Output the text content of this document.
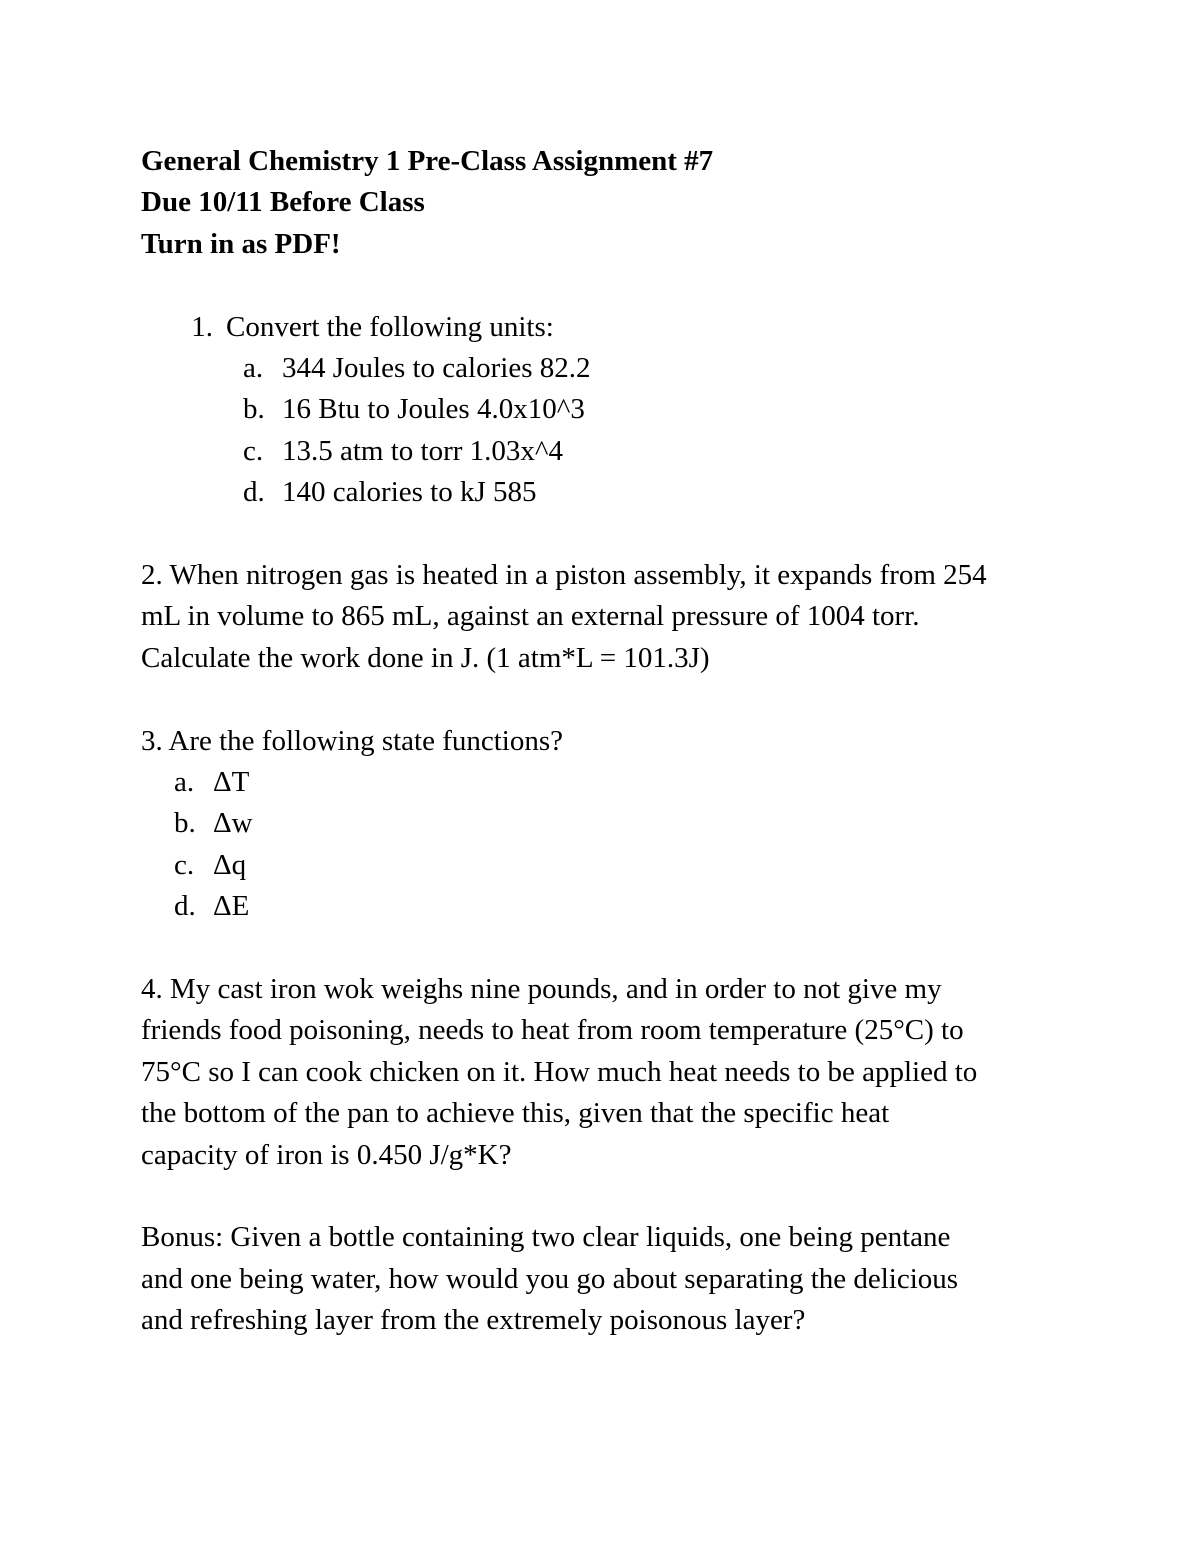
General Chemistry 1 Pre-Class Assignment #7
Due 10/11 Before Class
Turn in as PDF!
1. Convert the following units:
a. 344 Joules to calories 82.2
b. 16 Btu to Joules 4.0x10^3
c. 13.5 atm to torr 1.03x^4
d. 140 calories to kJ 585
2. When nitrogen gas is heated in a piston assembly, it expands from 254
mL in volume to 865 mL, against an external pressure of 1004 torr.
Calculate the work done in J. (1 atm*L = 101.3J)
3. Are the following state functions?
a. ΔT
b. Δw
c. Δq
d. ΔE
4. My cast iron wok weighs nine pounds, and in order to not give my
friends food poisoning, needs to heat from room temperature (25°C) to
75°C so I can cook chicken on it. How much heat needs to be applied to
the bottom of the pan to achieve this, given that the specific heat
capacity of iron is 0.450 J/g*K?
Bonus: Given a bottle containing two clear liquids, one being pentane
and one being water, how would you go about separating the delicious
and refreshing layer from the extremely poisonous layer?
